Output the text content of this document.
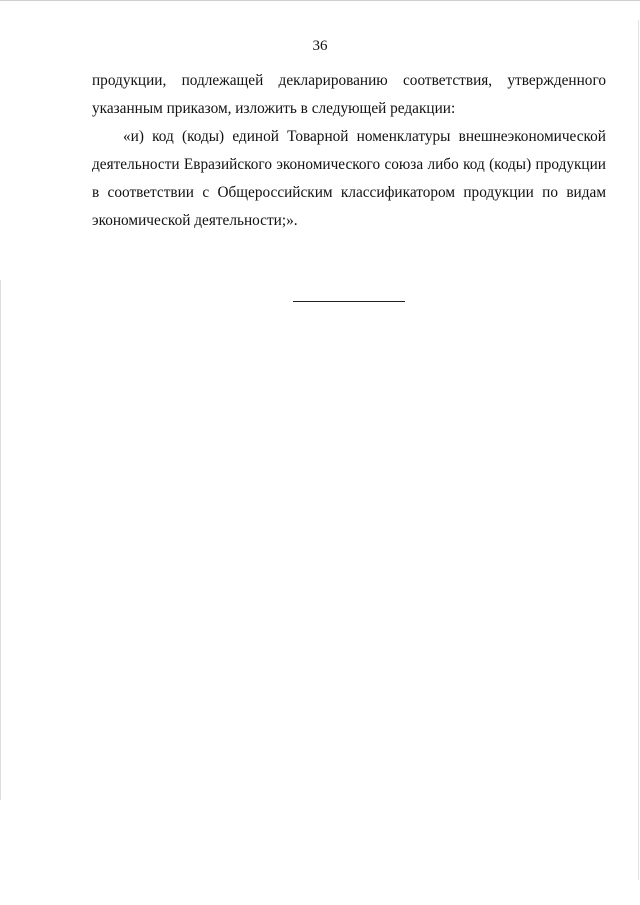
36

продукции, подлежащей декларированию соответствия, утвержденного
указанным приказом, изложить в следующей редакции:

«и) код (коды) единой Товарной номенклатуры внешнеэкономической
деятельности Евразийского экономического союза либо код (коды) продукции
в соответствии с Общероссийским классификатором продукции по видам
экономической деятельности;».
